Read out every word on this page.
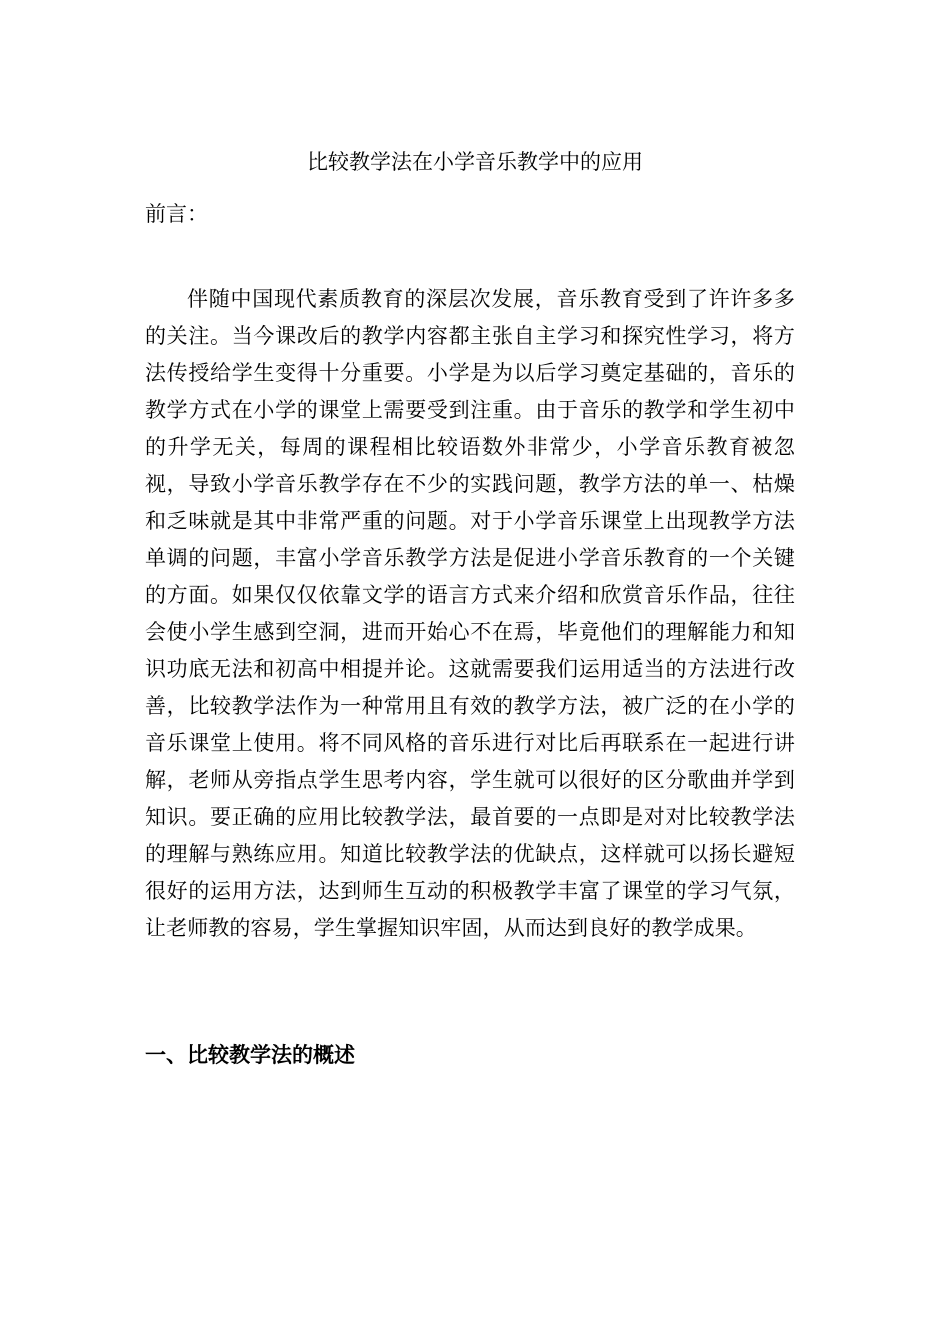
比较教学法在小学音乐教学中的应用

前言：

伴随中国现代素质教育的深层次发展，音乐教育受到了许许多多的关注。当今课改后的教学内容都主张自主学习和探究性学习，将方法传授给学生变得十分重要。小学是为以后学习奠定基础的，音乐的教学方式在小学的课堂上需要受到注重。由于音乐的教学和学生初中的升学无关，每周的课程相比较语数外非常少，小学音乐教育被忽视，导致小学音乐教学存在不少的实践问题，教学方法的单一、枯燥和乏味就是其中非常严重的问题。对于小学音乐课堂上出现教学方法单调的问题，丰富小学音乐教学方法是促进小学音乐教育的一个关键的方面。如果仅仅依靠文学的语言方式来介绍和欣赏音乐作品，往往会使小学生感到空洞，进而开始心不在焉，毕竟他们的理解能力和知识功底无法和初高中相提并论。这就需要我们运用适当的方法进行改善，比较教学法作为一种常用且有效的教学方法，被广泛的在小学的音乐课堂上使用。将不同风格的音乐进行对比后再联系在一起进行讲解，老师从旁指点学生思考内容，学生就可以很好的区分歌曲并学到知识。要正确的应用比较教学法，最首要的一点即是对对比较教学法的理解与熟练应用。知道比较教学法的优缺点，这样就可以扬长避短很好的运用方法，达到师生互动的积极教学丰富了课堂的学习气氛，让老师教的容易，学生掌握知识牢固，从而达到良好的教学成果。

一、比较教学法的概述
